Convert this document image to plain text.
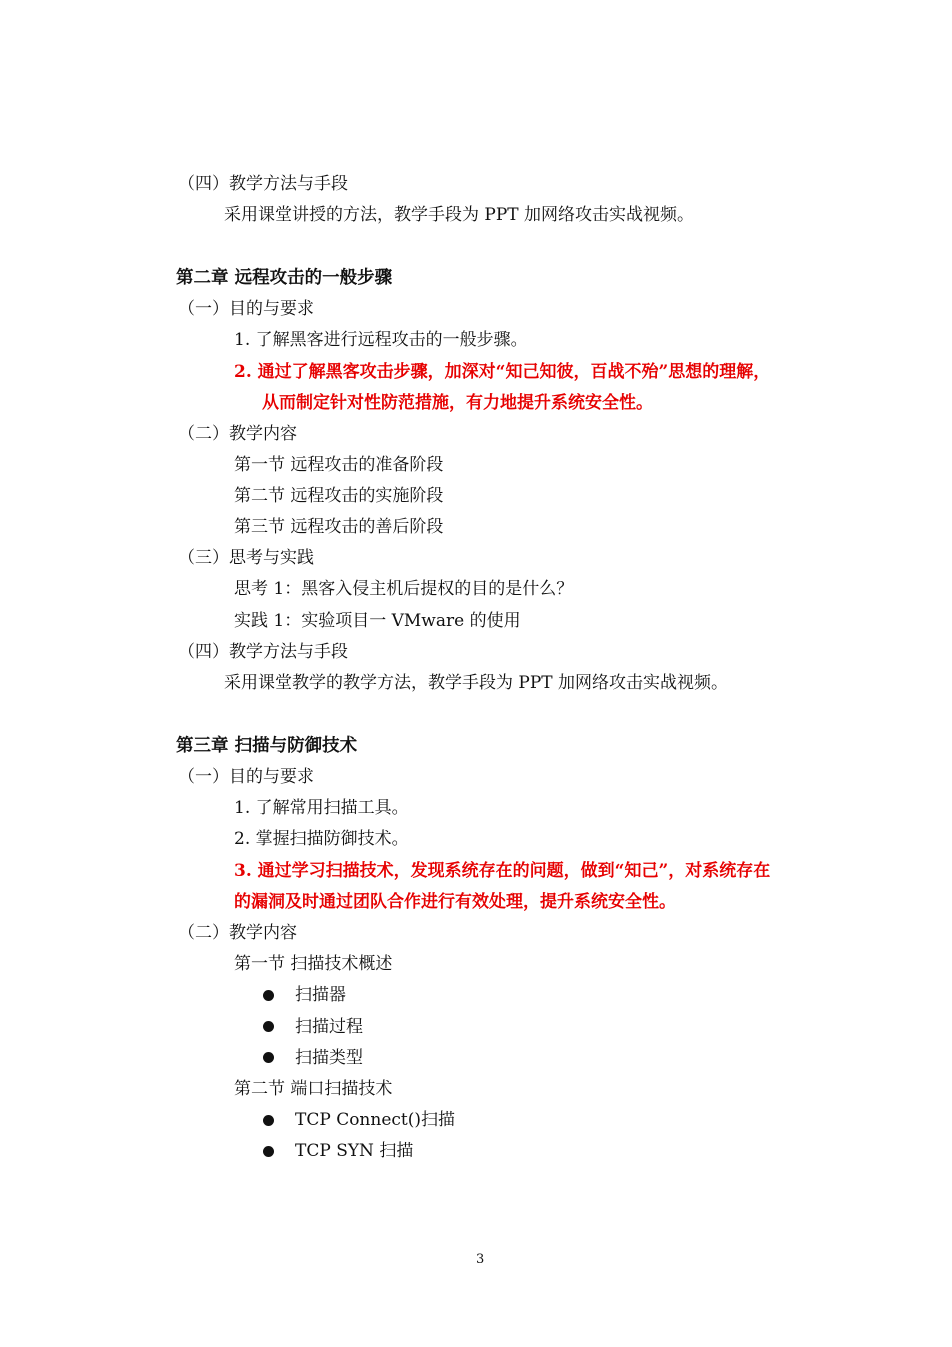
（四）教学方法与手段
采用课堂讲授的方法，教学手段为 PPT 加网络攻击实战视频。
第二章 远程攻击的一般步骤
（一）目的与要求
1. 了解黑客进行远程攻击的一般步骤。
2. 通过了解黑客攻击步骤，加深对“知己知彼，百战不殆”思想的理解，
从而制定针对性防范措施，有力地提升系统安全性。
（二）教学内容
第一节 远程攻击的准备阶段
第二节 远程攻击的实施阶段
第三节 远程攻击的善后阶段
（三）思考与实践
思考 1：黑客入侵主机后提权的目的是什么？
实践 1：实验项目一 VMware 的使用
（四）教学方法与手段
采用课堂教学的教学方法，教学手段为 PPT 加网络攻击实战视频。
第三章 扫描与防御技术
（一）目的与要求
1. 了解常用扫描工具。
2. 掌握扫描防御技术。
3. 通过学习扫描技术，发现系统存在的问题，做到“知己”，对系统存在
的漏洞及时通过团队合作进行有效处理，提升系统安全性。
（二）教学内容
第一节 扫描技术概述
扫描器
扫描过程
扫描类型
第二节 端口扫描技术
TCP Connect()扫描
TCP SYN 扫描
3
